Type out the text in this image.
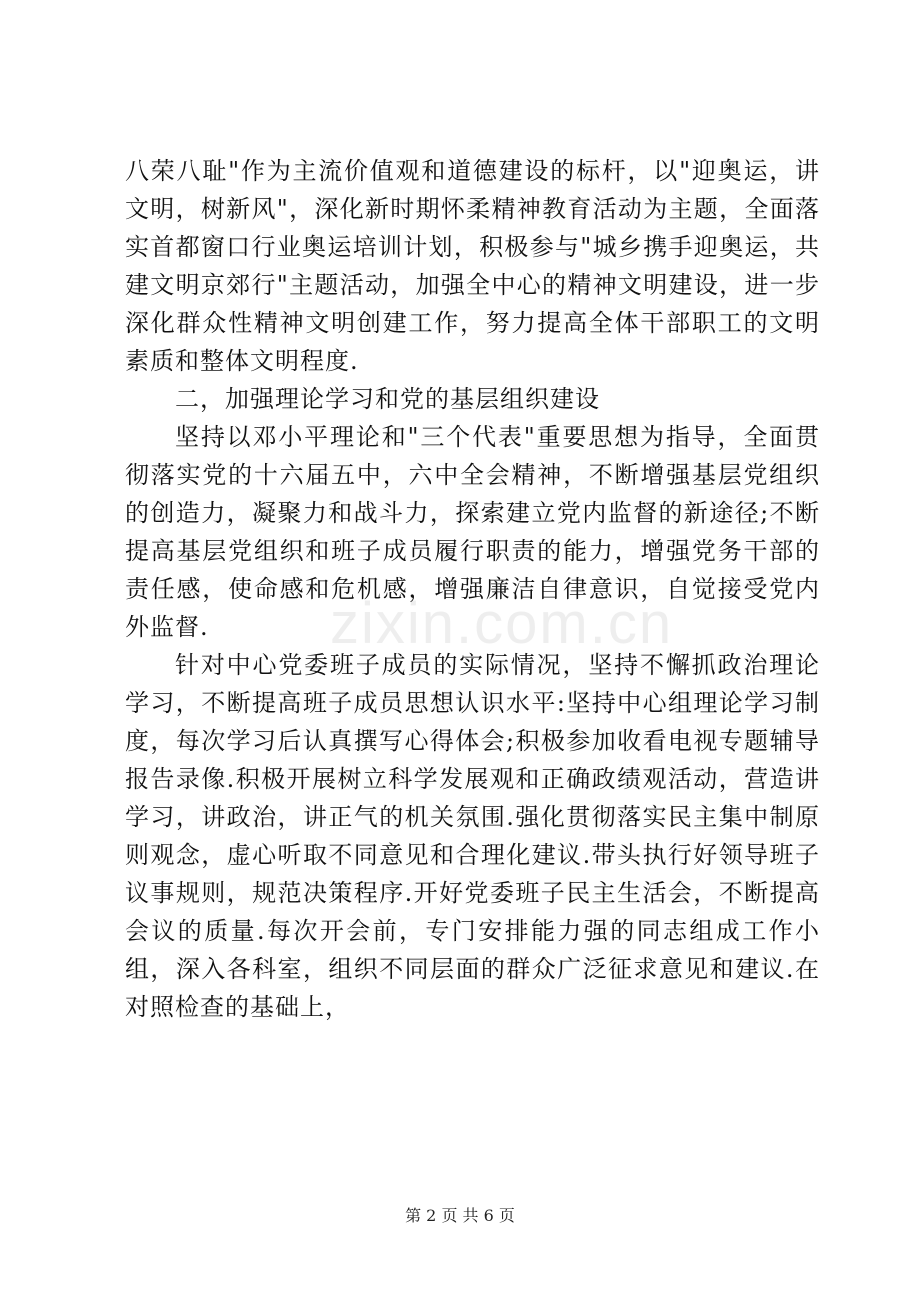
八荣八耻"作为主流价值观和道德建设的标杆，以"迎奥运，讲文明，树新风"，深化新时期怀柔精神教育活动为主题，全面落实首都窗口行业奥运培训计划，积极参与"城乡携手迎奥运，共建文明京郊行"主题活动，加强全中心的精神文明建设，进一步深化群众性精神文明创建工作，努力提高全体干部职工的文明素质和整体文明程度.

二，加强理论学习和党的基层组织建设

坚持以邓小平理论和"三个代表"重要思想为指导，全面贯彻落实党的十六届五中，六中全会精神，不断增强基层党组织的创造力，凝聚力和战斗力，探索建立党内监督的新途径;不断提高基层党组织和班子成员履行职责的能力，增强党务干部的责任感，使命感和危机感，增强廉洁自律意识，自觉接受党内外监督.

针对中心党委班子成员的实际情况，坚持不懈抓政治理论学习，不断提高班子成员思想认识水平:坚持中心组理论学习制度，每次学习后认真撰写心得体会;积极参加收看电视专题辅导报告录像.积极开展树立科学发展观和正确政绩观活动，营造讲学习，讲政治，讲正气的机关氛围.强化贯彻落实民主集中制原则观念，虚心听取不同意见和合理化建议.带头执行好领导班子议事规则，规范决策程序.开好党委班子民主生活会，不断提高会议的质量.每次开会前，专门安排能力强的同志组成工作小组，深入各科室，组织不同层面的群众广泛征求意见和建议.在对照检查的基础上，

zixin.com.cn
第 2 页 共 6 页
